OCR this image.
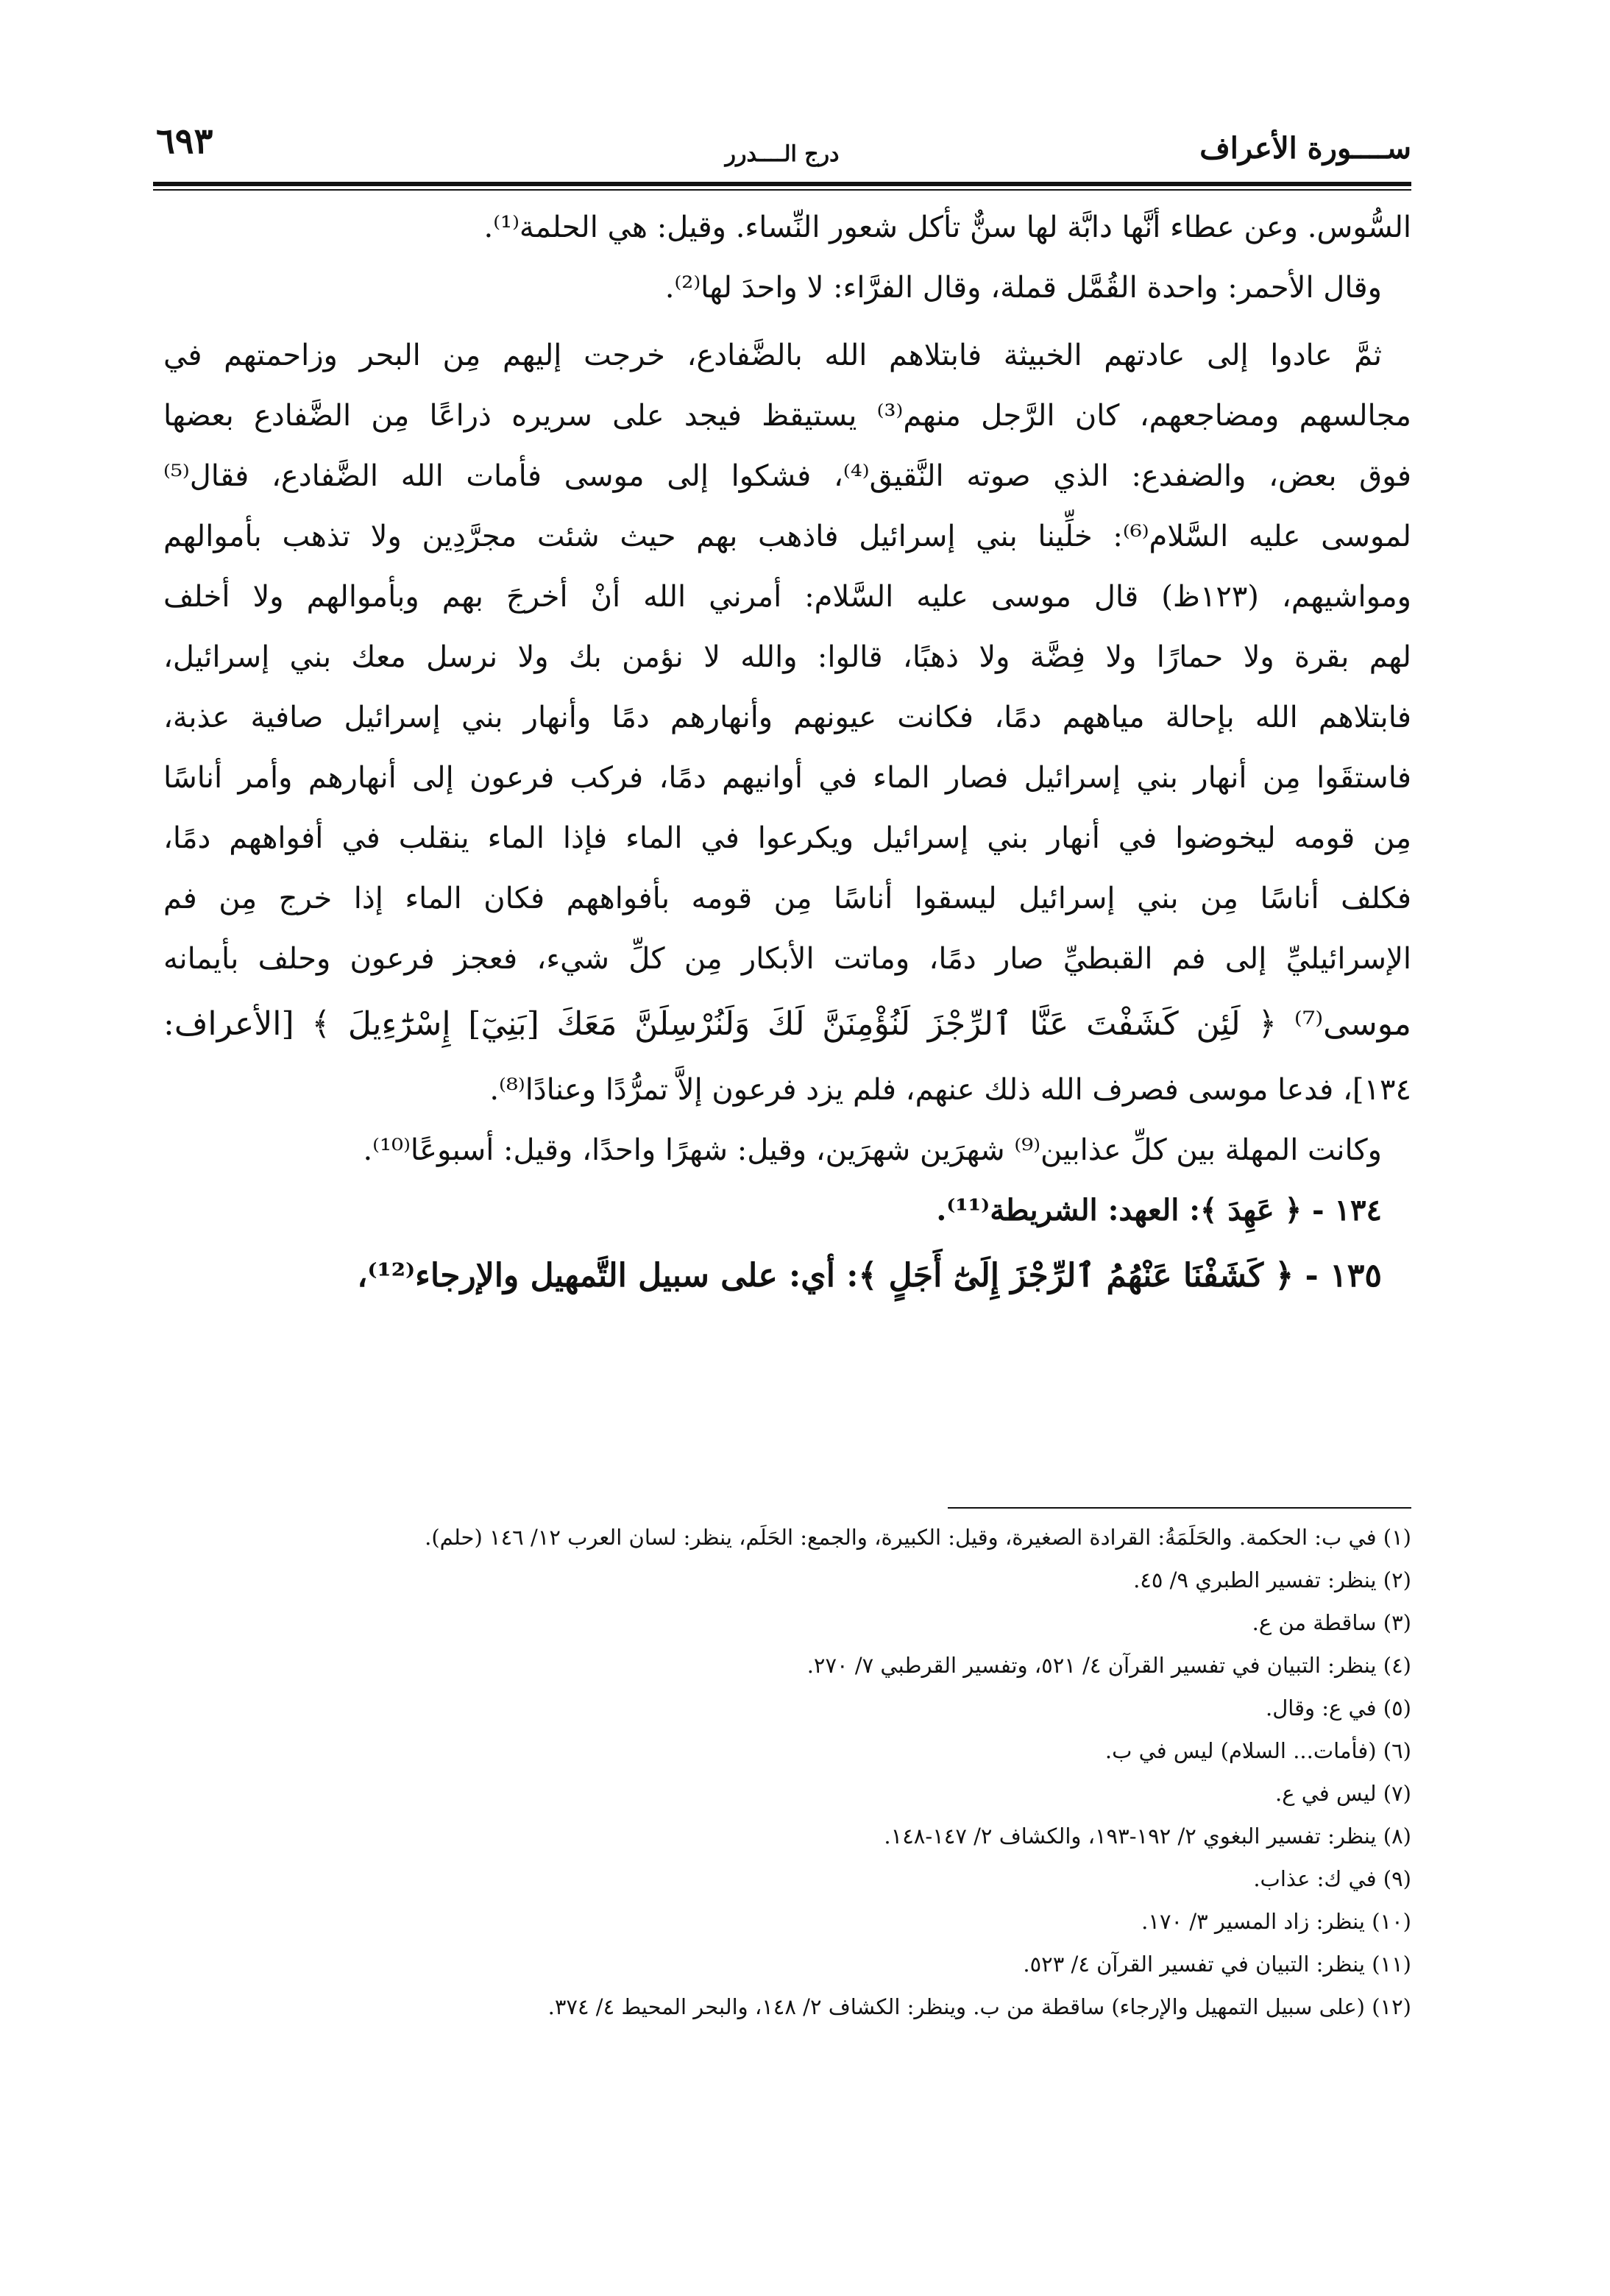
ســــورة الأعراف
درج الــــدرر
٦٩٣
السُّوس. وعن عطاء أنَّها دابَّة لها سنٌّ تأكل شعور النِّساء. وقيل: هي الحلمة⁽¹⁾.
وقال الأحمر: واحدة القُمَّل قملة، وقال الفرَّاء: لا واحدَ لها⁽²⁾.
ثمَّ عادوا إلى عادتهم الخبيثة فابتلاهم الله بالضَّفادع، خرجت إليهم مِن البحر وزاحمتهم في
مجالسهم ومضاجعهم، كان الرَّجل منهم⁽³⁾ يستيقظ فيجد على سريره ذراعًا مِن الضَّفادع بعضها
فوق بعض، والضفدع: الذي صوته النَّقيق⁽⁴⁾، فشكوا إلى موسى فأمات الله الضَّفادع، فقال⁽⁵⁾
لموسى عليه السَّلام⁽⁶⁾: خلِّينا بني إسرائيل فاذهب بهم حيث شئت مجرَّدِين ولا تذهب بأموالهم
ومواشيهم، (١٢٣ظ) قال موسى عليه السَّلام: أمرني الله أنْ أخرجَ بهم وبأموالهم ولا أخلف
لهم بقرة ولا حمارًا ولا فِضَّة ولا ذهبًا، قالوا: والله لا نؤمن بك ولا نرسل معك بني إسرائيل،
فابتلاهم الله بإحالة مياههم دمًا، فكانت عيونهم وأنهارهم دمًا وأنهار بني إسرائيل صافية عذبة،
فاستقَوا مِن أنهار بني إسرائيل فصار الماء في أوانيهم دمًا، فركب فرعون إلى أنهارهم وأمر أناسًا
مِن قومه ليخوضوا في أنهار بني إسرائيل ويكرعوا في الماء فإذا الماء ينقلب في أفواههم دمًا،
فكلف أناسًا مِن بني إسرائيل ليسقوا أناسًا مِن قومه بأفواههم فكان الماء إذا خرج مِن فم
الإسرائيليِّ إلى فم القبطيِّ صار دمًا، وماتت الأبكار مِن كلِّ شيء، فعجز فرعون وحلف بأيمانه
موسى⁽⁷⁾ ﴿ لَئِن كَشَفْتَ عَنَّا ٱلرِّجْزَ لَنُؤْمِنَنَّ لَكَ وَلَنُرْسِلَنَّ مَعَكَ [بَنِيٓ] إِسْرَٰٓءِيلَ ﴾ [الأعراف:
١٣٤]، فدعا موسى فصرف الله ذلك عنهم، فلم يزد فرعون إلاَّ تمرُّدًا وعنادًا⁽⁸⁾.
وكانت المهلة بين كلِّ عذابين⁽⁹⁾ شهرَين شهرَين، وقيل: شهرًا واحدًا، وقيل: أسبوعًا⁽¹⁰⁾.
١٣٤ - ﴿ عَهِدَ ﴾: العهد: الشريطة⁽¹¹⁾.
١٣٥ - ﴿ كَشَفْنَا عَنْهُمُ ٱلرِّجْزَ إِلَىٰٓ أَجَلٍ ﴾: أي: على سبيل التَّمهيل والإرجاء⁽¹²⁾،
(١) في ب: الحكمة. والحَلَمَةُ: القرادة الصغيرة، وقيل: الكبيرة، والجمع: الحَلَم، ينظر: لسان العرب ١٢/ ١٤٦ (حلم).
(٢) ينظر: تفسير الطبري ٩/ ٤٥.
(٣) ساقطة من ع.
(٤) ينظر: التبيان في تفسير القرآن ٤/ ٥٢١، وتفسير القرطبي ٧/ ٢٧٠.
(٥) في ع: وقال.
(٦) (فأمات... السلام) ليس في ب.
(٧) ليس في ع.
(٨) ينظر: تفسير البغوي ٢/ ١٩٢-١٩٣، والكشاف ٢/ ١٤٧-١٤٨.
(٩) في ك: عذاب.
(١٠) ينظر: زاد المسير ٣/ ١٧٠.
(١١) ينظر: التبيان في تفسير القرآن ٤/ ٥٢٣.
(١٢) (على سبيل التمهيل والإرجاء) ساقطة من ب. وينظر: الكشاف ٢/ ١٤٨، والبحر المحيط ٤/ ٣٧٤.
